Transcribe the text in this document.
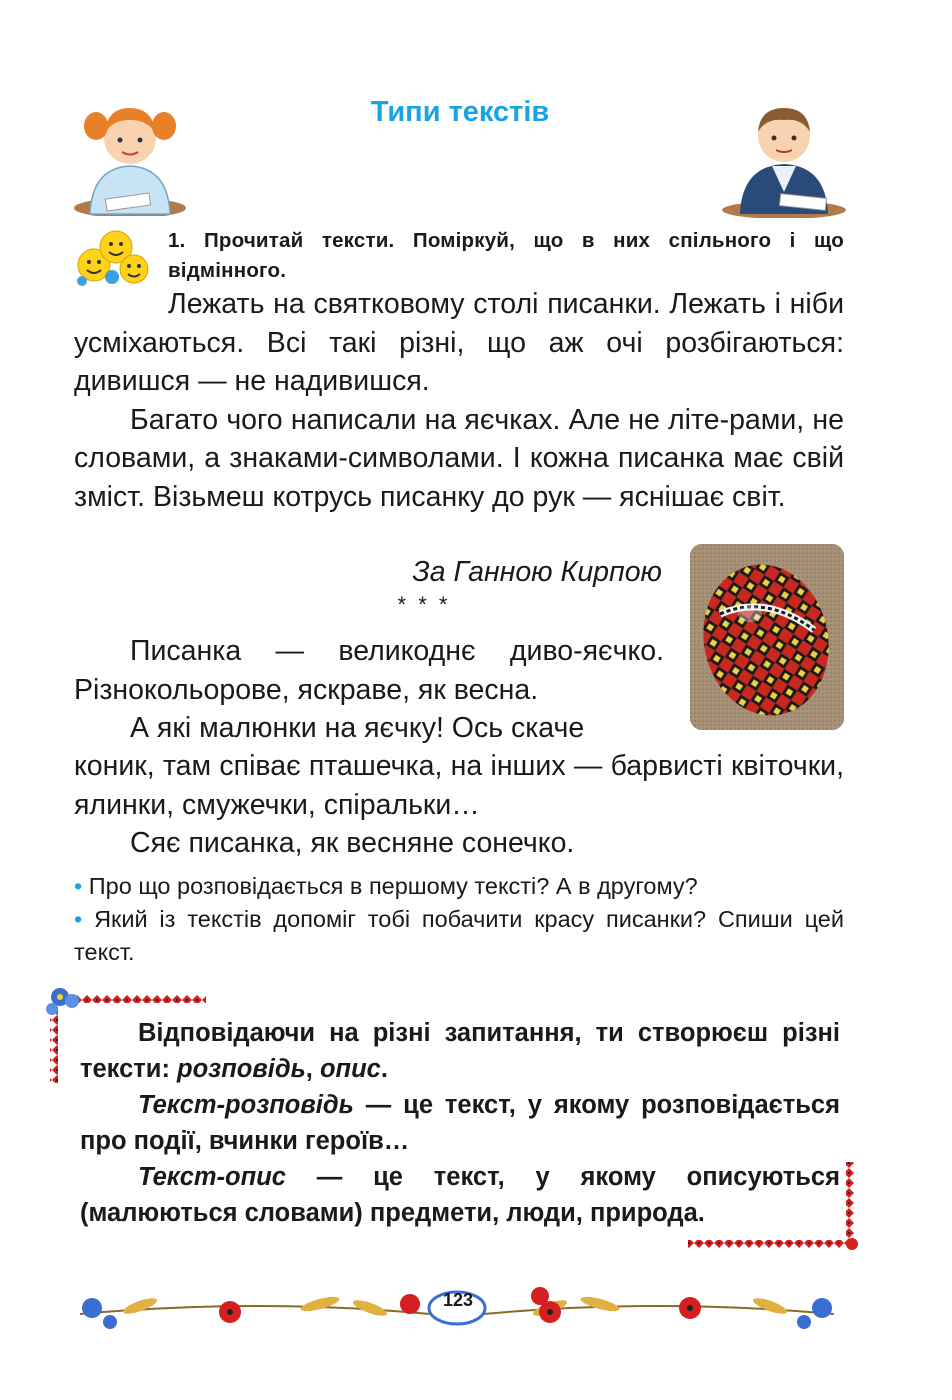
Типи текстів
1. Прочитай тексти. Поміркуй, що в них спільного і що відмінного.

Лежать на святковому столі писанки. Лежать і ніби усміхаються. Всі такі різні, що аж очі розбігаються: дивишся — не надивишся.

Багато чого написали на яєчках. Але не літе-рами, не словами, а знаками-символами. І кожна писанка має свій зміст. Візьмеш котрусь писанку до рук — яснішає світ.

За Ганною Кирпою
* * *

Писанка — великоднє диво-яєчко. Різнокольорове, яскраве, як весна.

А які малюнки на яєчку! Ось скаче

коник, там співає пташечка, на інших — барвисті квіточки, ялинки, смужечки, спіральки…

Сяє писанка, як весняне сонечко.

• Про що розповідається в першому тексті? А в другому?

• Який із текстів допоміг тобі побачити красу писанки? Спиши цей текст.

Відповідаючи на різні запитання, ти створюєш різні тексти: розповідь, опис.

Текст-розповідь — це текст, у якому розповідається про події, вчинки героїв…

Текст-опис — це текст, у якому описуються (малюються словами) предмети, люди, природа.

123
